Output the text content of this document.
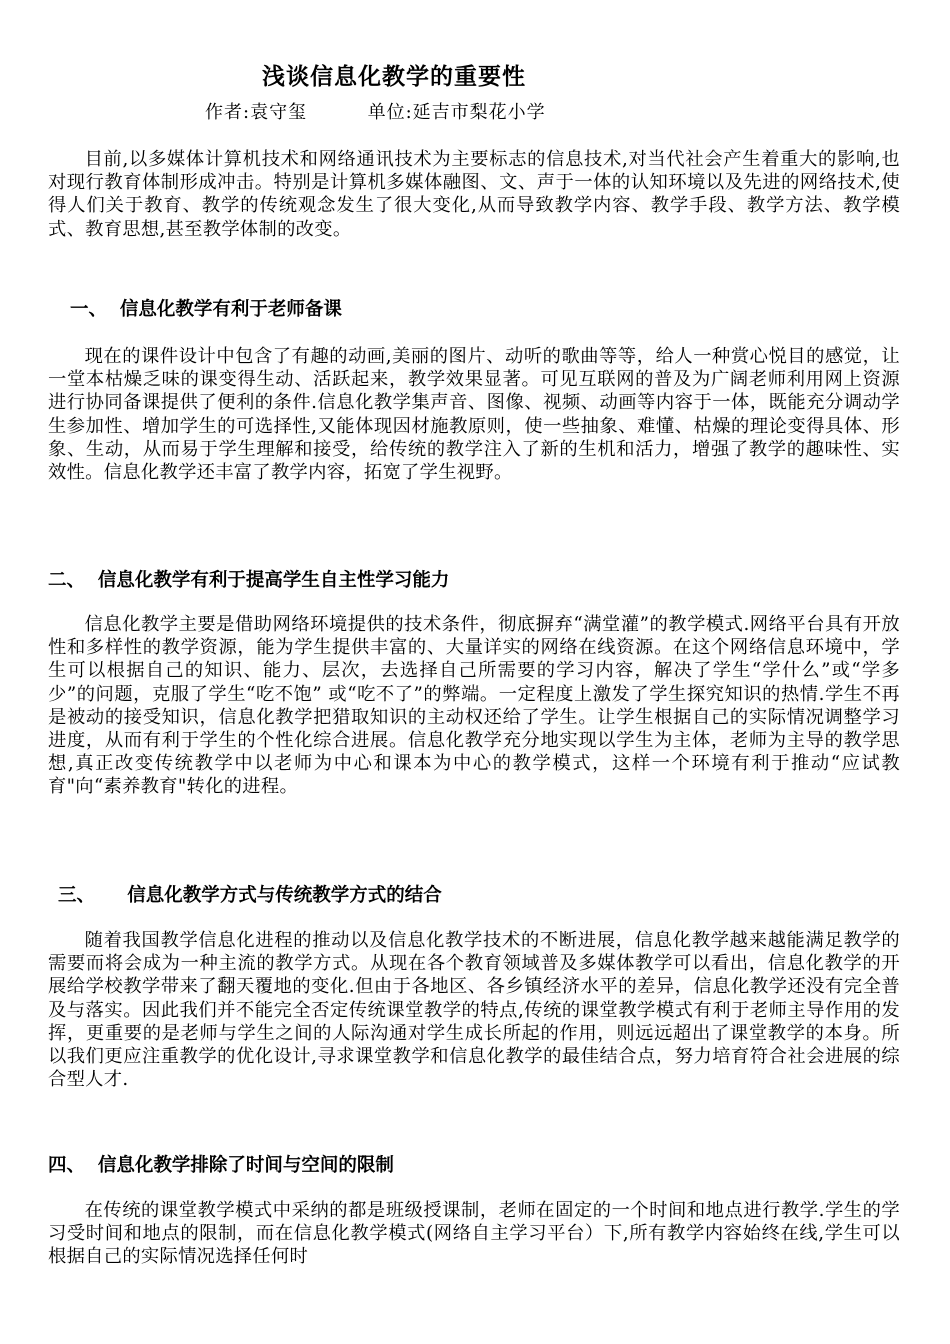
浅谈信息化教学的重要性
作者:袁守玺	单位:延吉市梨花小学

目前,以多媒体计算机技术和网络通讯技术为主要标志的信息技术,对当代社会产生着重大的影响,也对现行教育体制形成冲击。特别是计算机多媒体融图、文、声于一体的认知环境以及先进的网络技术,使得人们关于教育、教学的传统观念发生了很大变化,从而导致教学内容、教学手段、教学方法、教学模式、教育思想,甚至教学体制的改变。

一、 信息化教学有利于老师备课

现在的课件设计中包含了有趣的动画,美丽的图片、动听的歌曲等等，给人一种赏心悦目的感觉，让一堂本枯燥乏味的课变得生动、活跃起来，教学效果显著。可见互联网的普及为广阔老师利用网上资源进行协同备课提供了便利的条件.信息化教学集声音、图像、视频、动画等内容于一体，既能充分调动学生参加性、增加学生的可选择性,又能体现因材施教原则，使一些抽象、难懂、枯燥的理论变得具体、形象、生动，从而易于学生理解和接受，给传统的教学注入了新的生机和活力，增强了教学的趣味性、实效性。信息化教学还丰富了教学内容，拓宽了学生视野。

二、 信息化教学有利于提高学生自主性学习能力

信息化教学主要是借助网络环境提供的技术条件，彻底摒弃“满堂灌”的教学模式.网络平台具有开放性和多样性的教学资源，能为学生提供丰富的、大量详实的网络在线资源。在这个网络信息环境中，学生可以根据自己的知识、能力、层次，去选择自己所需要的学习内容，解决了学生“学什么”或“学多少”的问题，克服了学生“吃不饱” 或“吃不了”的弊端。一定程度上激发了学生探究知识的热情.学生不再是被动的接受知识，信息化教学把猎取知识的主动权还给了学生。让学生根据自己的实际情况调整学习进度，从而有利于学生的个性化综合进展。信息化教学充分地实现以学生为主体，老师为主导的教学思想,真正改变传统教学中以老师为中心和课本为中心的教学模式，这样一个环境有利于推动“应试教育"向“素养教育"转化的进程。

三、 信息化教学方式与传统教学方式的结合

随着我国教学信息化进程的推动以及信息化教学技术的不断进展，信息化教学越来越能满足教学的需要而将会成为一种主流的教学方式。从现在各个教育领域普及多媒体教学可以看出，信息化教学的开展给学校教学带来了翻天覆地的变化.但由于各地区、各乡镇经济水平的差异，信息化教学还没有完全普及与落实。因此我们并不能完全否定传统课堂教学的特点,传统的课堂教学模式有利于老师主导作用的发挥，更重要的是老师与学生之间的人际沟通对学生成长所起的作用，则远远超出了课堂教学的本身。所以我们更应注重教学的优化设计,寻求课堂教学和信息化教学的最佳结合点，努力培育符合社会进展的综合型人才.

四、 信息化教学排除了时间与空间的限制

在传统的课堂教学模式中采纳的都是班级授课制，老师在固定的一个时间和地点进行教学.学生的学习受时间和地点的限制，而在信息化教学模式(网络自主学习平台）下,所有教学内容始终在线,学生可以根据自己的实际情况选择任何时
